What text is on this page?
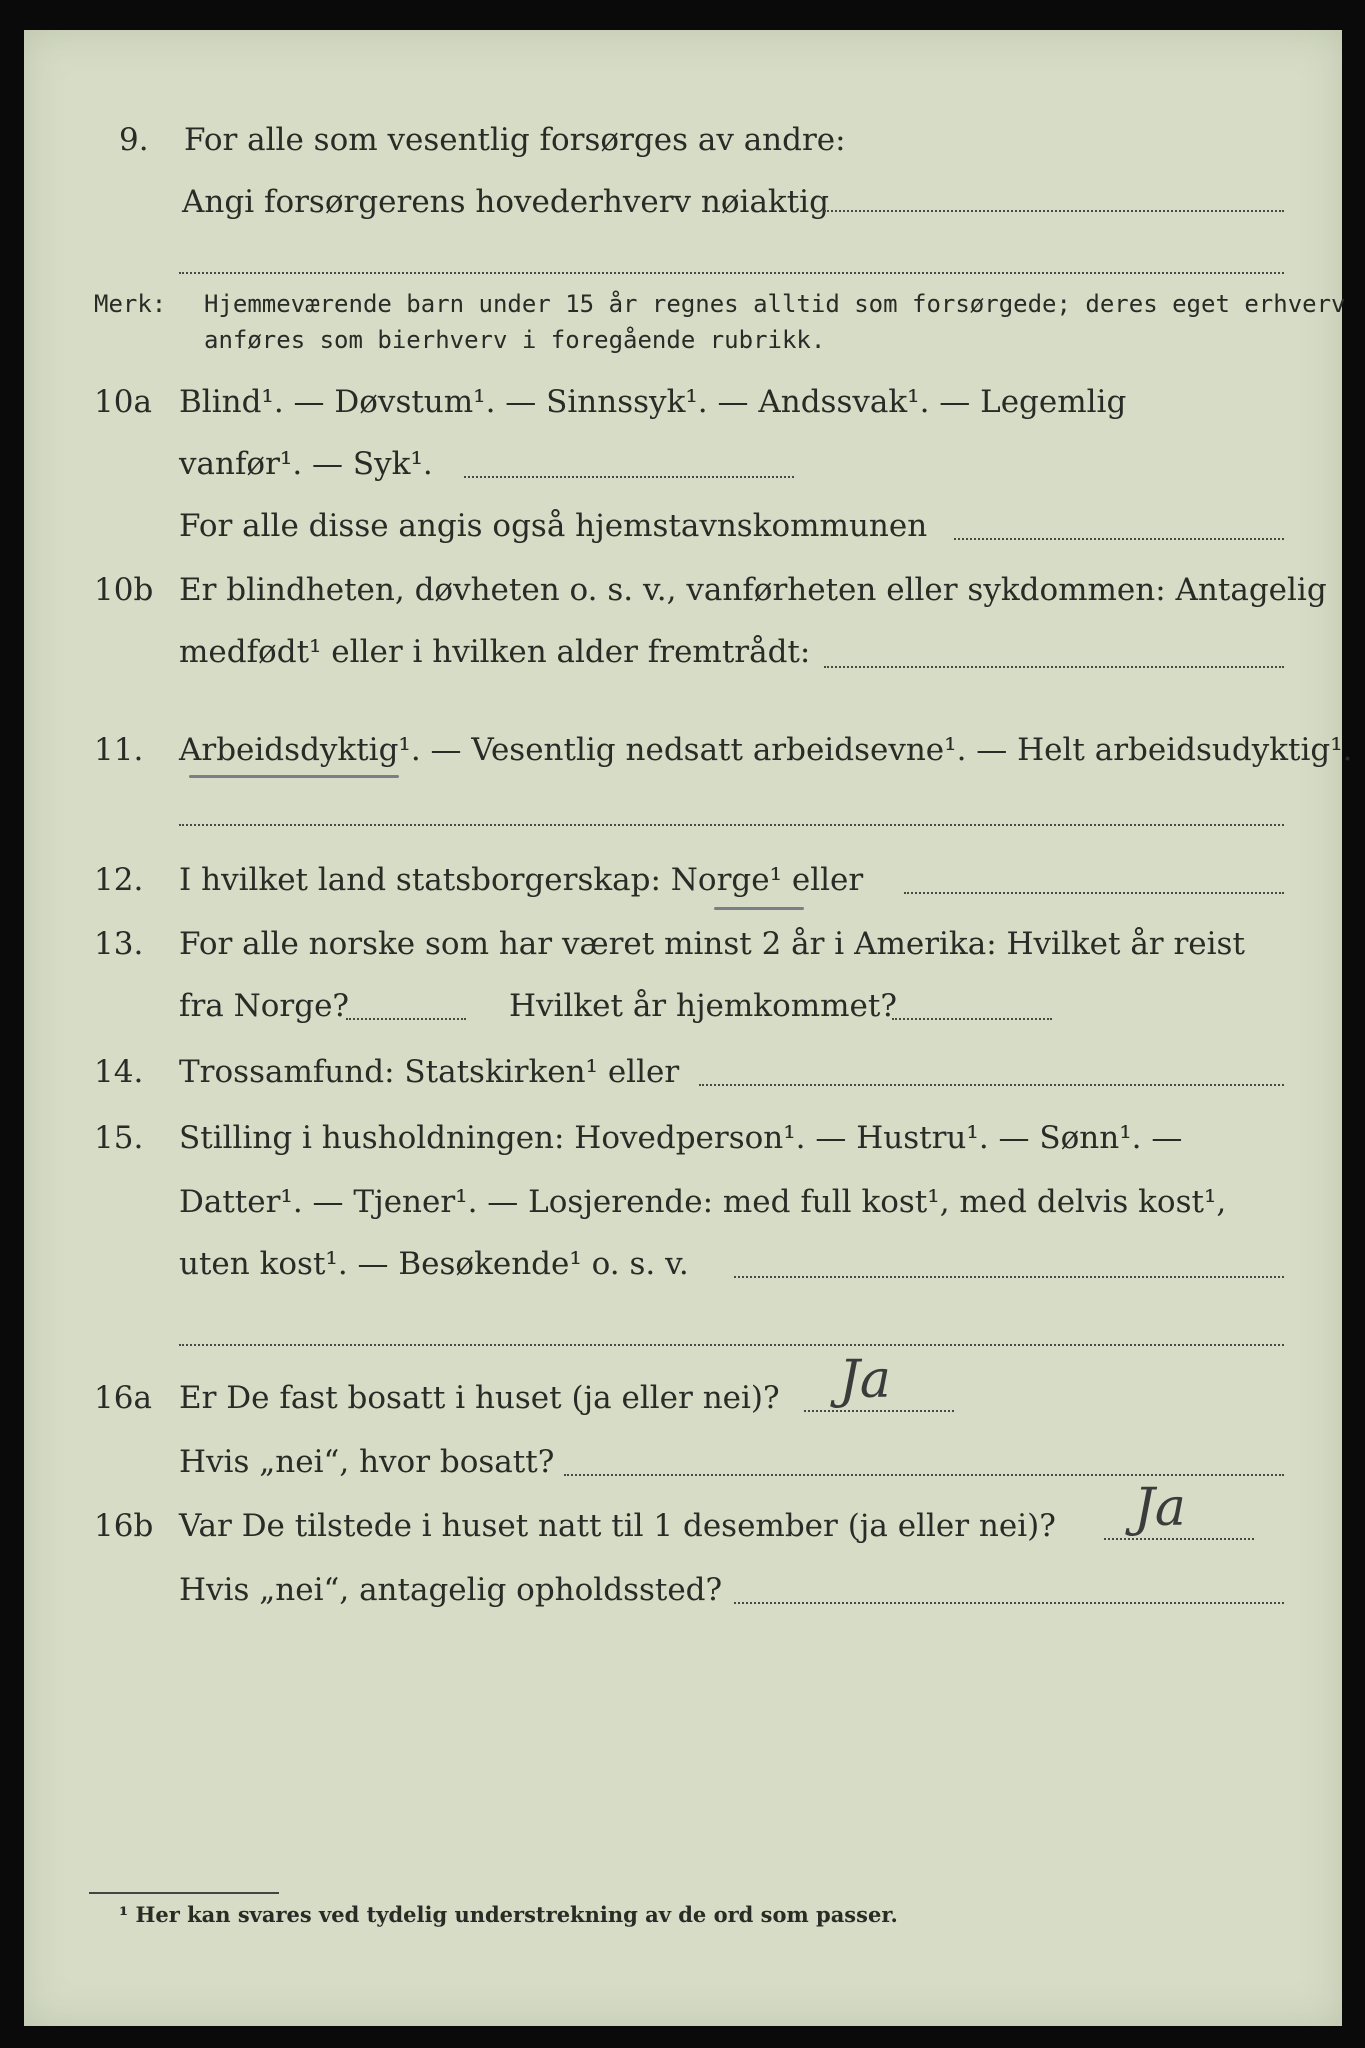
9. For alle som vesentlig forsørges av andre:
Angi forsørgerens hovederhverv nøiaktig
Merk: Hjemmeværende barn under 15 år regnes alltid som forsørgede; deres eget erhverv
anføres som bierhverv i foregående rubrikk.
10a Blind¹. — Døvstum¹. — Sinnssyk¹. — Andssvak¹. — Legemlig
vanfør¹. — Syk¹.
For alle disse angis også hjemstavnskommunen
10b Er blindheten, døvheten o. s. v., vanførheten eller sykdommen: Antagelig
medfødt¹ eller i hvilken alder fremtrådt:
11. Arbeidsdyktig¹. — Vesentlig nedsatt arbeidsevne¹. — Helt arbeidsudyktig¹.
12. I hvilket land statsborgerskap: Norge¹ eller
13. For alle norske som har været minst 2 år i Amerika: Hvilket år reist
fra Norge?	Hvilket år hjemkommet?
14. Trossamfund: Statskirken¹ eller
15. Stilling i husholdningen: Hovedperson¹. — Hustru¹. — Sønn¹. —
Datter¹. — Tjener¹. — Losjerende: med full kost¹, med delvis kost¹,
uten kost¹. — Besøkende¹ o. s. v.
16a Er De fast bosatt i huset (ja eller nei)? Ja
Hvis „nei“, hvor bosatt?
16b Var De tilstede i huset natt til 1 desember (ja eller nei)? Ja
Hvis „nei“, antagelig opholdssted?
¹ Her kan svares ved tydelig understrekning av de ord som passer.
